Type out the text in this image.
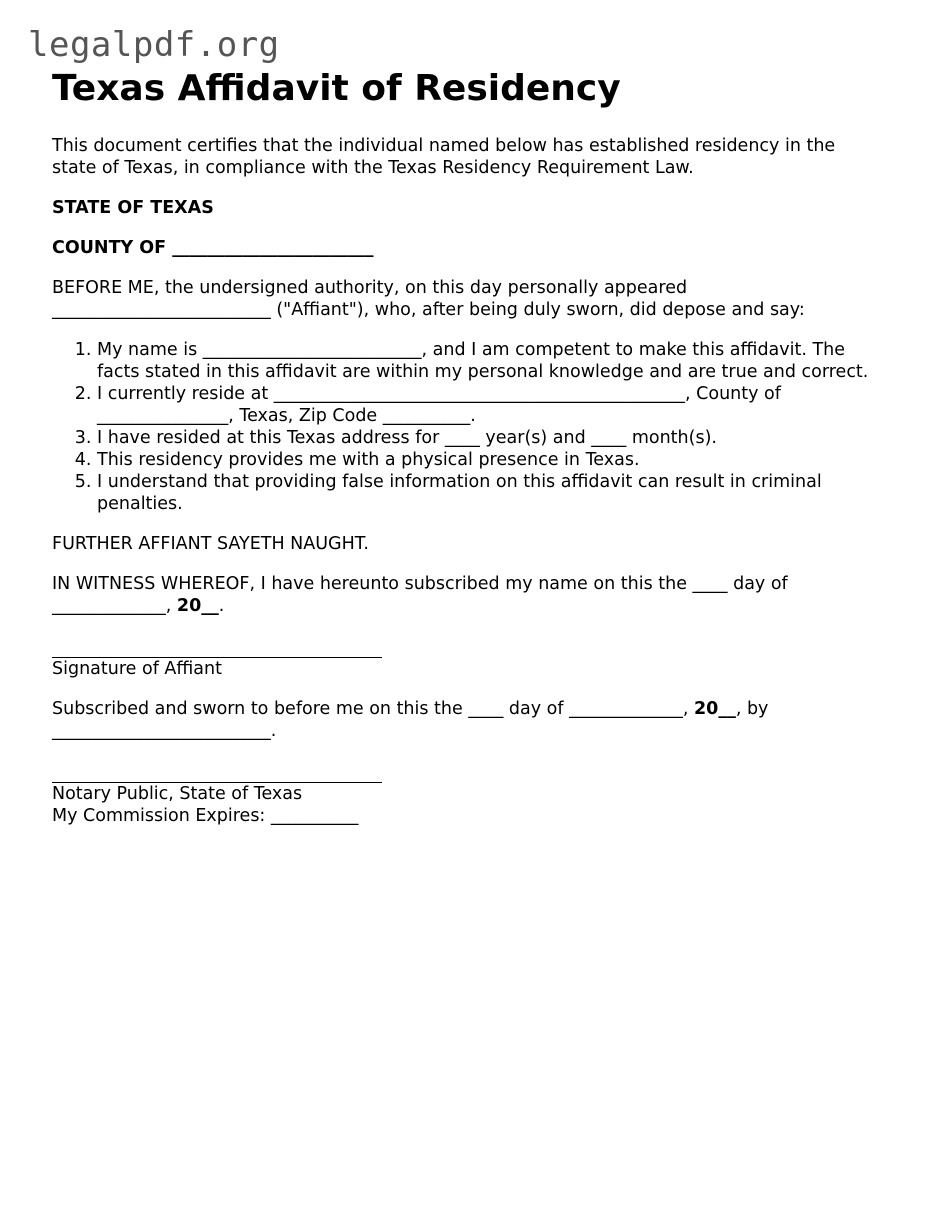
legalpdf.org
Texas Affidavit of Residency

This document certifies that the individual named below has established residency in the state of Texas, in compliance with the Texas Residency Requirement Law.

STATE OF TEXAS

COUNTY OF _______________________

BEFORE ME, the undersigned authority, on this day personally appeared _________________________ ("Affiant"), who, after being duly sworn, did depose and say:

1. My name is _________________________, and I am competent to make this affidavit. The facts stated in this affidavit are within my personal knowledge and are true and correct.
2. I currently reside at _______________________________________________, County of _______________, Texas, Zip Code __________.
3. I have resided at this Texas address for ____ year(s) and ____ month(s).
4. This residency provides me with a physical presence in Texas.
5. I understand that providing false information on this affidavit can result in criminal penalties.

FURTHER AFFIANT SAYETH NAUGHT.

IN WITNESS WHEREOF, I have hereunto subscribed my name on this the ____ day of _____________, 20__.

Signature of Affiant

Subscribed and sworn to before me on this the ____ day of _____________, 20__, by _________________________.

Notary Public, State of Texas

My Commission Expires: __________
